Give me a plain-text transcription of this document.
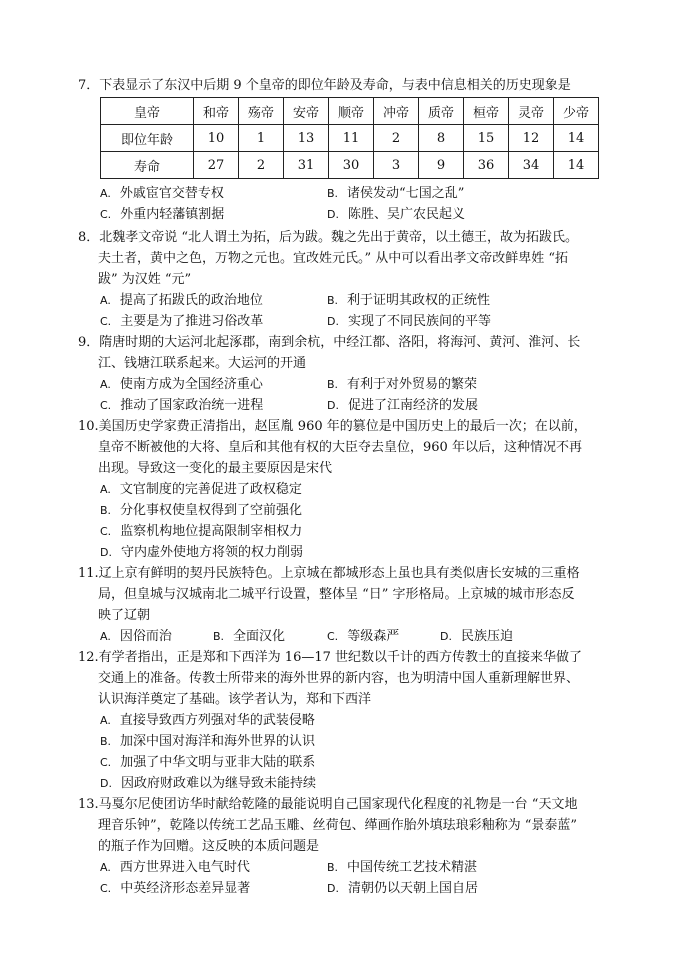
7．下表显示了东汉中后期 9 个皇帝的即位年龄及寿命，与表中信息相关的历史现象是
皇帝	和帝	殇帝	安帝	顺帝	冲帝	质帝	桓帝	灵帝	少帝
即位年龄	10	1	13	11	2	8	15	12	14
寿命	27	2	31	30	3	9	36	34	14
A. 外戚宦官交替专权	B. 诸侯发动“七国之乱”
C. 外重内轻藩镇割据	D. 陈胜、吴广农民起义
8．北魏孝文帝说 “北人谓土为拓，后为跋。魏之先出于黄帝，以土德王，故为拓跋氏。
夫土者，黄中之色，万物之元也。宜改姓元氏。” 从中可以看出孝文帝改鲜卑姓 “拓
跋” 为汉姓 “元”
A. 提高了拓跋氏的政治地位	B. 利于证明其政权的正统性
C. 主要是为了推进习俗改革	D. 实现了不同民族间的平等
9．隋唐时期的大运河北起涿郡，南到余杭，中经江都、洛阳，将海河、黄河、淮河、长
江、钱塘江联系起来。大运河的开通
A. 使南方成为全国经济重心	B. 有利于对外贸易的繁荣
C. 推动了国家政治统一进程	D. 促进了江南经济的发展
10.美国历史学家费正清指出，赵匡胤 960 年的篡位是中国历史上的最后一次；在以前，
皇帝不断被他的大将、皇后和其他有权的大臣夺去皇位，960 年以后，这种情况不再
出现。导致这一变化的最主要原因是宋代
A. 文官制度的完善促进了政权稳定
B. 分化事权使皇权得到了空前强化
C. 监察机构地位提高限制宰相权力
D. 守内虚外使地方将领的权力削弱
11.辽上京有鲜明的契丹民族特色。上京城在都城形态上虽也具有类似唐长安城的三重格
局，但皇城与汉城南北二城平行设置，整体呈 “日” 字形格局。上京城的城市形态反
映了辽朝
A. 因俗而治	B. 全面汉化	C. 等级森严	D. 民族压迫
12.有学者指出，正是郑和下西洋为 16—17 世纪数以千计的西方传教士的直接来华做了
交通上的准备。传教士所带来的海外世界的新内容，也为明清中国人重新理解世界、
认识海洋奠定了基础。该学者认为，郑和下西洋
A. 直接导致西方列强对华的武装侵略
B. 加深中国对海洋和海外世界的认识
C. 加强了中华文明与亚非大陆的联系
D. 因政府财政难以为继导致未能持续
13.马戛尔尼使团访华时献给乾隆的最能说明自己国家现代化程度的礼物是一台 “天文地
理音乐钟”，乾隆以传统工艺品玉雕、丝荷包、缂画作胎外填珐琅彩釉称为 “景泰蓝”
的瓶子作为回赠。这反映的本质问题是
A. 西方世界进入电气时代	B. 中国传统工艺技术精湛
C. 中英经济形态差异显著	D. 清朝仍以天朝上国自居
